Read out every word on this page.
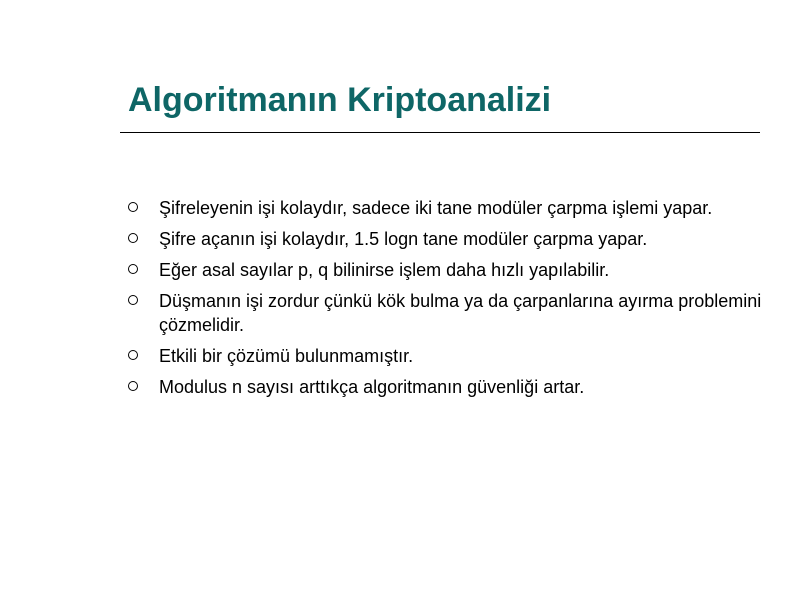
Algoritmanın Kriptoanalizi
Şifreleyenin işi kolaydır, sadece iki tane modüler çarpma işlemi yapar.
Şifre açanın işi kolaydır, 1.5 logn tane modüler çarpma yapar.
Eğer asal sayılar p, q bilinirse işlem daha hızlı yapılabilir.
Düşmanın işi zordur çünkü kök bulma ya da çarpanlarına ayırma problemini çözmelidir.
Etkili bir çözümü bulunmamıştır.
Modulus n sayısı arttıkça algoritmanın güvenliği artar.
